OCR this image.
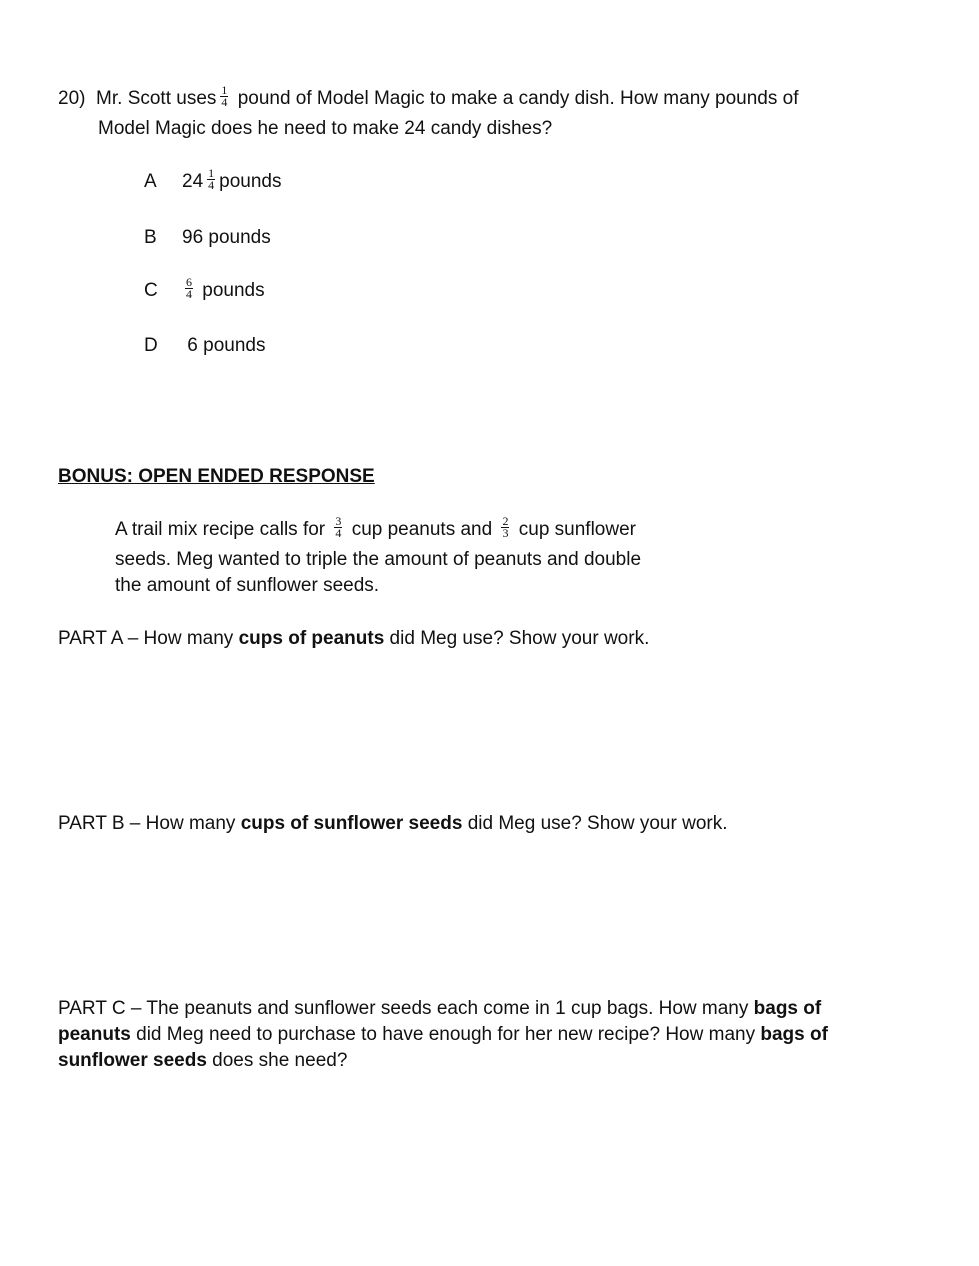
20) Mr. Scott uses $\frac{1}{4}$ pound of Model Magic to make a candy dish. How many pounds of
Model Magic does he need to make 24 candy dishes?
A $24 \frac{1}{4}$ pounds
B 96 pounds
C $\frac{6}{4}$ pounds
D 6 pounds
BONUS: OPEN ENDED RESPONSE
A trail mix recipe calls for $\frac{3}{4}$ cup peanuts and $\frac{2}{3}$ cup sunflower
seeds. Meg wanted to triple the amount of peanuts and double
the amount of sunflower seeds.
PART A – How many cups of peanuts did Meg use? Show your work.
PART B – How many cups of sunflower seeds did Meg use? Show your work.
PART C – The peanuts and sunflower seeds each come in 1 cup bags. How many bags of
peanuts did Meg need to purchase to have enough for her new recipe? How many bags of
sunflower seeds does she need?
